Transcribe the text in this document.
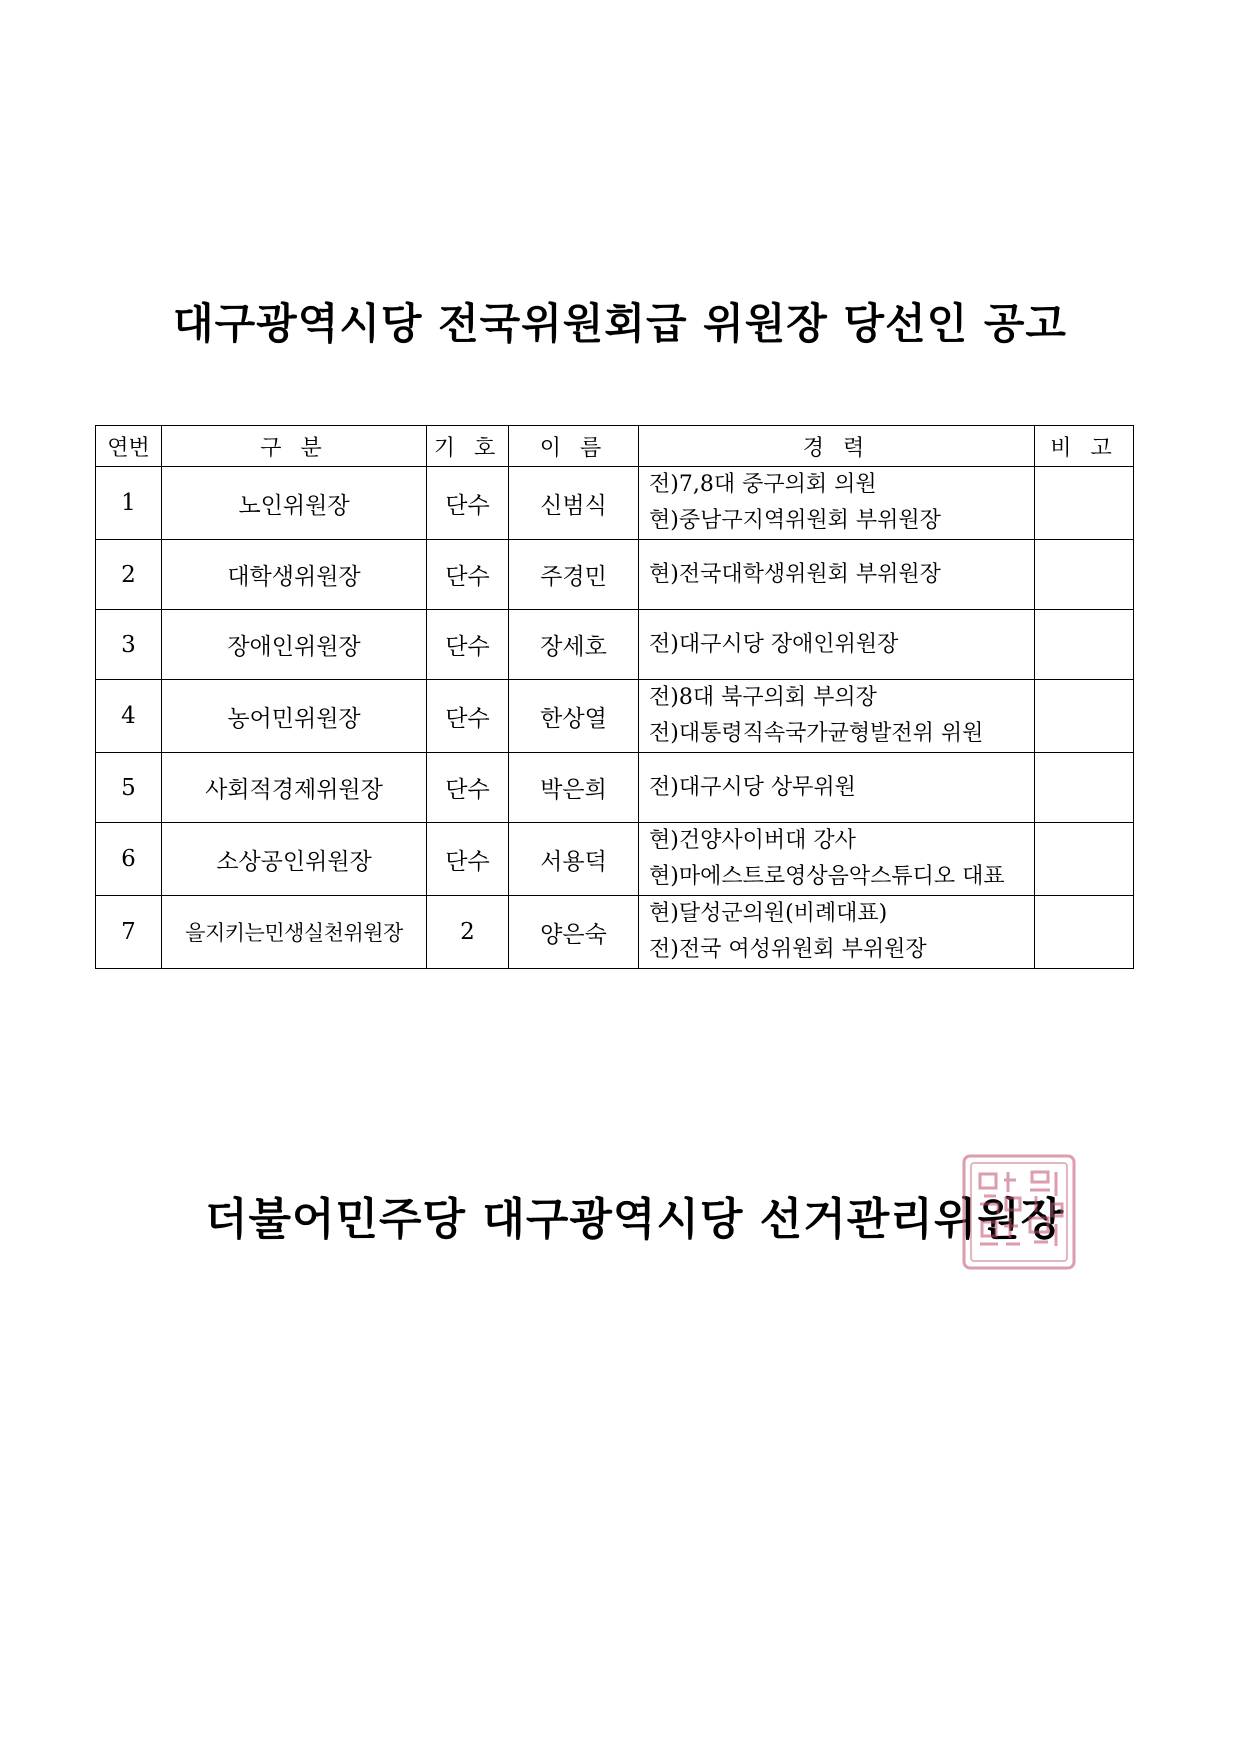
대구광역시당 전국위원회급 위원장 당선인 공고
연번	구 분	기 호	이 름	경 력	비 고
1	노인위원장	단수	신범식	전)7,8대 중구의회 의원
현)중남구지역위원회 부위원장	

2	대학생위원장	단수	주경민	현)전국대학생위원회 부위원장	

3	장애인위원장	단수	장세호	전)대구시당 장애인위원장	

4	농어민위원장	단수	한상열	전)8대 북구의회 부의장
전)대통령직속국가균형발전위 위원	

5	사회적경제위원장	단수	박은희	전)대구시당 상무위원	

6	소상공인위원장	단수	서용덕	현)건양사이버대 강사
현)마에스트로영상음악스튜디오 대표	

7	을지키는민생실천위원장	2	양은숙	현)달성군의원(비례대표)
전)전국 여성위원회 부위원장	

더불어민주당 대구광역시당 선거관리위원장
